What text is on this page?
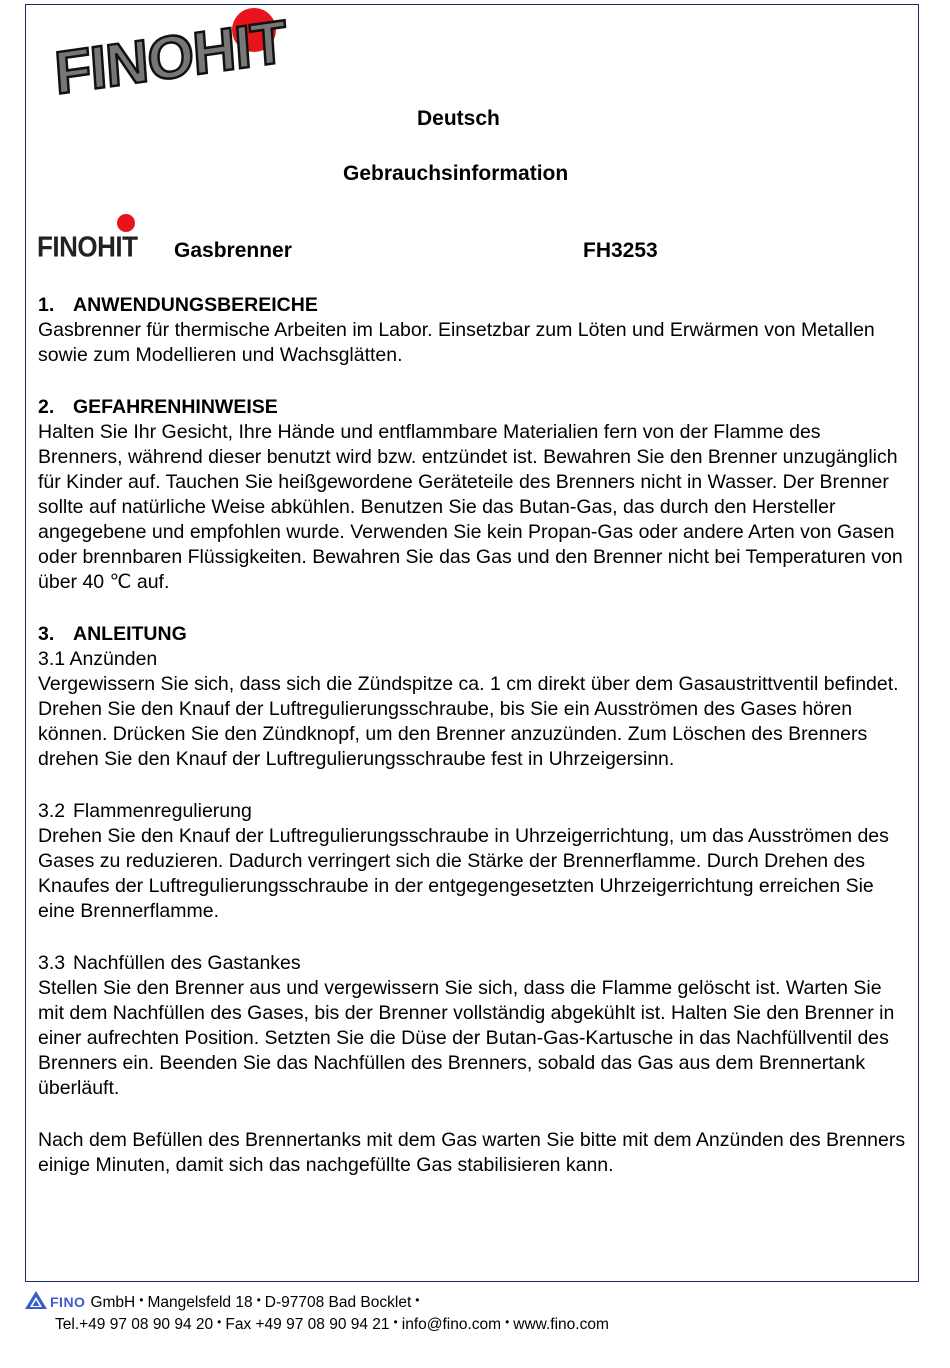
FINOHIT
Deutsch
Gebrauchsinformation
FINOHIT Gasbrenner	FH3253
1. ANWENDUNGSBEREICHE

Gasbrenner für thermische Arbeiten im Labor. Einsetzbar zum Löten und Erwärmen von Metallen sowie zum Modellieren und Wachsglätten.

2. GEFAHRENHINWEISE

Halten Sie Ihr Gesicht, Ihre Hände und entflammbare Materialien fern von der Flamme des Brenners, während dieser benutzt wird bzw. entzündet ist. Bewahren Sie den Brenner unzugänglich für Kinder auf. Tauchen Sie heißgewordene Geräteteile des Brenners nicht in Wasser. Der Brenner sollte auf natürliche Weise abkühlen. Benutzen Sie das Butan-Gas, das durch den Hersteller angegebene und empfohlen wurde. Verwenden Sie kein Propan-Gas oder andere Arten von Gasen oder brennbaren Flüssigkeiten. Bewahren Sie das Gas und den Brenner nicht bei Temperaturen von über 40 ℃ auf.

3. ANLEITUNG

3.1 Anzünden

Vergewissern Sie sich, dass sich die Zündspitze ca. 1 cm direkt über dem Gasaustrittventil befindet. Drehen Sie den Knauf der Luftregulierungsschraube, bis Sie ein Ausströmen des Gases hören können. Drücken Sie den Zündknopf, um den Brenner anzuzünden. Zum Löschen des Brenners drehen Sie den Knauf der Luftregulierungsschraube fest in Uhrzeigersinn.

3.2 Flammenregulierung

Drehen Sie den Knauf der Luftregulierungsschraube in Uhrzeigerrichtung, um das Ausströmen des Gases zu reduzieren. Dadurch verringert sich die Stärke der Brennerflamme. Durch Drehen des Knaufes der Luftregulierungsschraube in der entgegengesetzten Uhrzeigerrichtung erreichen Sie eine Brennerflamme.

3.3 Nachfüllen des Gastankes

Stellen Sie den Brenner aus und vergewissern Sie sich, dass die Flamme gelöscht ist. Warten Sie mit dem Nachfüllen des Gases, bis der Brenner vollständig abgekühlt ist. Halten Sie den Brenner in einer aufrechten Position. Setzten Sie die Düse der Butan-Gas-Kartusche in das Nachfüllventil des Brenners ein. Beenden Sie das Nachfüllen des Brenners, sobald das Gas aus dem Brennertank überläuft.

Nach dem Befüllen des Brennertanks mit dem Gas warten Sie bitte mit dem Anzünden des Brenners einige Minuten, damit sich das nachgefüllte Gas stabilisieren kann.

FINO GmbH • Mangelsfeld 18 • D-97708 Bad Bocklet •
Tel.+49 97 08 90 94 20 • Fax +49 97 08 90 94 21 • info@fino.com • www.fino.com
